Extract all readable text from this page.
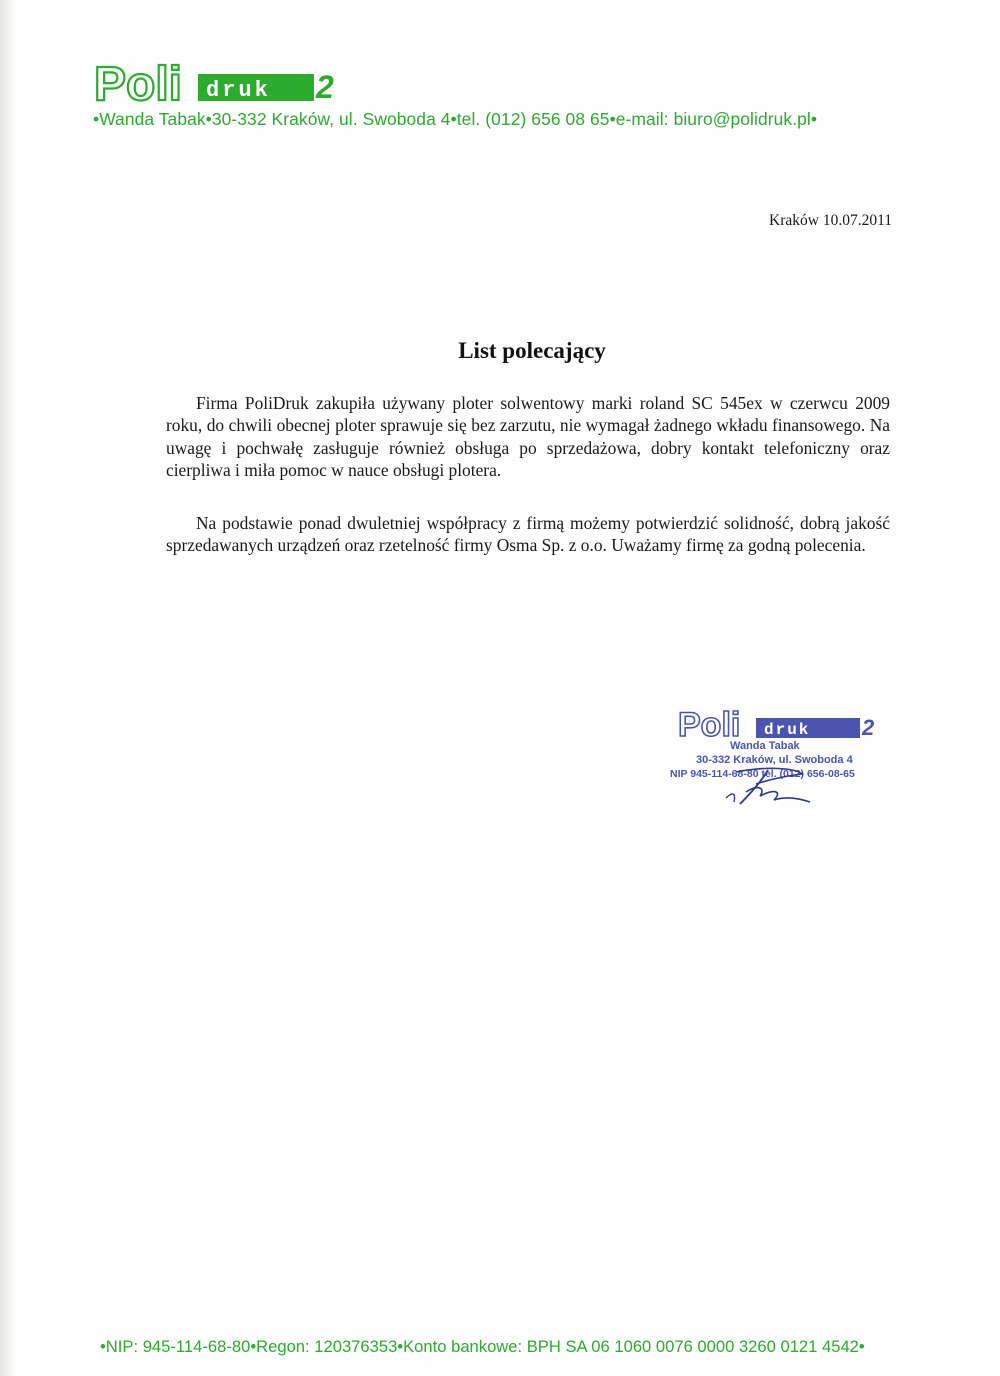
Poli druk 2
•Wanda Tabak•30-332 Kraków, ul. Swoboda 4•tel. (012) 656 08 65•e-mail: biuro@polidruk.pl•
Kraków 10.07.2011
List polecający

Firma PoliDruk zakupiła używany ploter solwentowy marki roland SC 545ex w czerwcu 2009 roku, do chwili obecnej ploter sprawuje się bez zarzutu, nie wymagał żadnego wkładu finansowego. Na uwagę i pochwałę zasługuje również obsługa po sprzedażowa, dobry kontakt telefoniczny oraz cierpliwa i miła pomoc w nauce obsługi plotera.

Na podstawie ponad dwuletniej współpracy z firmą możemy potwierdzić solidność, dobrą jakość sprzedawanych urządzeń oraz rzetelność firmy Osma Sp. z o.o. Uważamy firmę za godną polecenia.

Poli druk 2
Wanda Tabak
30-332 Kraków, ul. Swoboda 4
NIP 945-114-68-80 tel. (012) 656-08-65
•NIP: 945-114-68-80•Regon: 120376353•Konto bankowe: BPH SA 06 1060 0076 0000 3260 0121 4542•
